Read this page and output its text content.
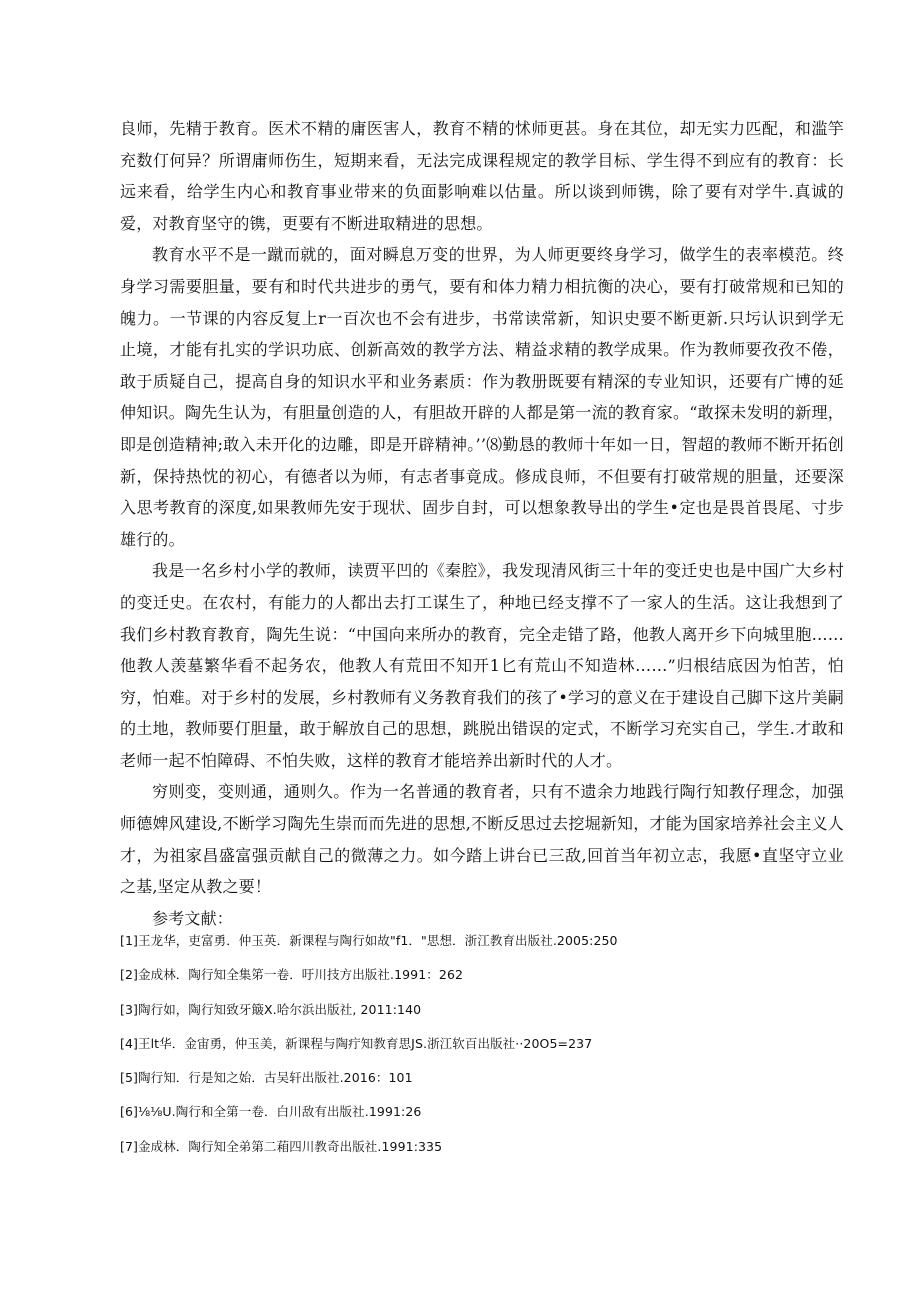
良师，先精于教育。医术不精的庸医害人，教育不精的怵师更甚。身在其位，却无实力匹配，和滥竽充数仃何异？所谓庸师伤生，短期来看，无法完成课程规定的教学目标、学生得不到应有的教育：长远来看，给学生内心和教育事业带来的负面影响难以估量。所以谈到师镌，除了要有对学牛.真诚的爱，对教育坚守的镌，更要有不断进取精进的思想。

教育水平不是一蹴而就的，面对瞬息万变的世界，为人师更要终身学习，做学生的表率模范。终身学习需要胆量，要有和时代共进步的勇气，要有和体力精力相抗衡的决心，要有打破常规和已知的魄力。一节课的内容反复上r一百次也不会有进步，书常读常新，知识史要不断更新.只圬认识到学无止境，才能有扎实的学识功底、创新高效的教学方法、精益求精的教学成果。作为教师要孜孜不倦，敢于质疑自己，提高自身的知识水平和业务素质：作为教册既要有精深的专业知识，还要有广博的延伸知识。陶先生认为，有胆量创造的人，有胆故开辟的人都是第一流的教育家。“敢探未发明的新理，即是创造精神;敢入未开化的边雕，即是开辟精神。’’⑻勤恳的教师十年如一日，智超的教师不断开拓创新，保持热忱的初心，有德者以为师，有志者事竟成。修成良师，不但要有打破常规的胆量，还要深入思考教育的深度,如果教师先安于现状、固步自封，可以想象教导出的学生•定也是畏首畏尾、寸步雄行的。

我是一名乡村小学的教师，读贾平凹的《秦腔》，我发现清风街三十年的变迁史也是中国广大乡村的变迁史。在农村，有能力的人都出去打工谋生了，种地已经支撑不了一家人的生活。这让我想到了我们乡村教育教育，陶先生说：“中国向来所办的教育，完全走错了路，他教人离开乡下向城里胞……他教人羡墓繁华看不起务农，他教人有荒田不知开1匕有荒山不知造林……”归根结底因为怕苦，怕穷，怕难。对于乡村的发展，乡村教师有义务教育我们的孩了•学习的意义在于建设自己脚下这片美嗣的土地，教师要仃胆量，敢于解放自己的思想，跳脱出错误的定式，不断学习充实自己，学生.才敢和老师一起不怕障碍、不怕失败，这样的教育才能培养出新时代的人才。

穷则变，变则通，通则久。作为一名普通的教育者，只有不遗余力地践行陶行知教仔理念，加强师德婢风建设,不断学习陶先生崇而而先进的思想,不断反思过去挖堀新知，才能为国家培养社会主义人才，为祖家昌盛富强贡献自己的微薄之力。如今踏上讲台已三敌,回首当年初立志，我愿•直坚守立业之基,坚定从教之要！

参考文献：

[1]王龙华，吏富勇．仲玉英．新课程与陶行如故"f1．"思想．浙江教育出版社.2005:250
[2]金成林．陶行知全集笫一卷．吁川技方出版社.1991：262
[3]陶行如，陶行知致牙簸X.哈尔浜出版社, 2011:140
[4]王lt华．金宙勇，仲玉美，新课程与陶疔知教育思JS.浙江软百出版社··20O5=237
[5]陶行知．行是知之始．古吴轩出版社.2016：101
[6]⅛⅛U.陶行和全第一卷．白川敌有出版社.1991:26
[7]金成林．陶行知全弟第二葙四川教奇出版社.1991:335
